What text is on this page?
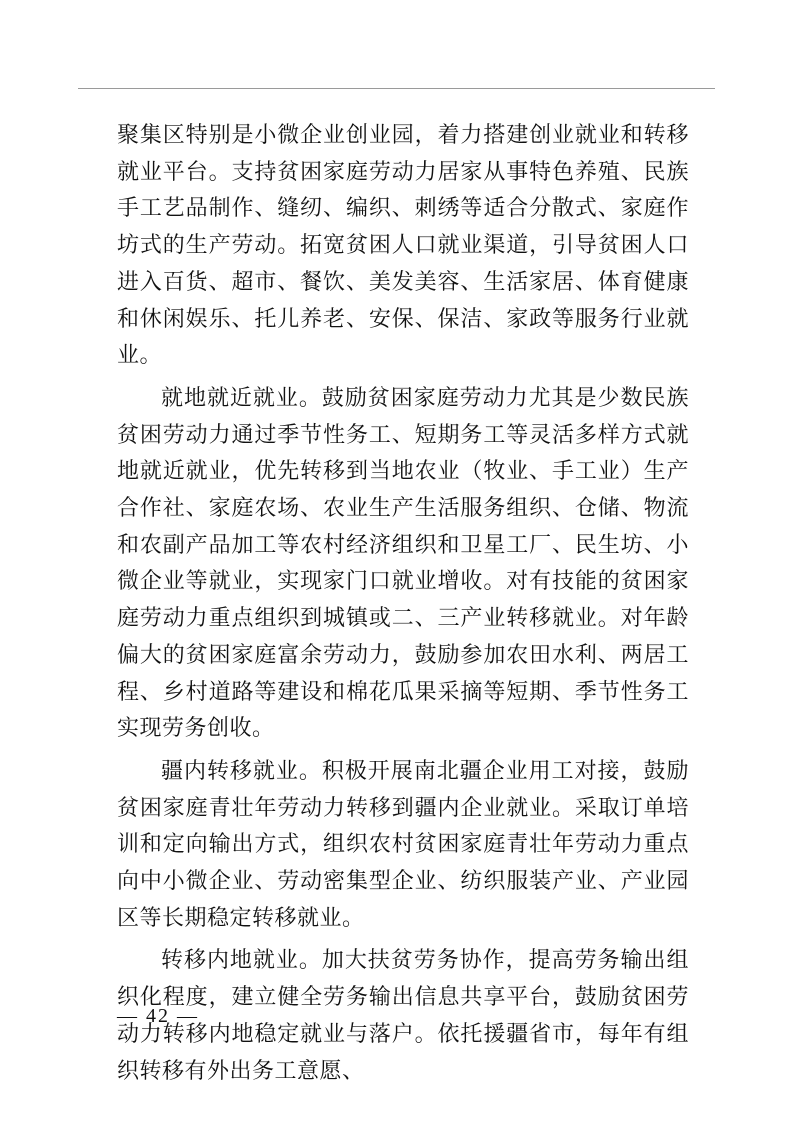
聚集区特别是小微企业创业园，着力搭建创业就业和转移就业平台。支持贫困家庭劳动力居家从事特色养殖、民族手工艺品制作、缝纫、编织、刺绣等适合分散式、家庭作坊式的生产劳动。拓宽贫困人口就业渠道，引导贫困人口进入百货、超市、餐饮、美发美容、生活家居、体育健康和休闲娱乐、托儿养老、安保、保洁、家政等服务行业就业。

就地就近就业。鼓励贫困家庭劳动力尤其是少数民族贫困劳动力通过季节性务工、短期务工等灵活多样方式就地就近就业，优先转移到当地农业（牧业、手工业）生产合作社、家庭农场、农业生产生活服务组织、仓储、物流和农副产品加工等农村经济组织和卫星工厂、民生坊、小微企业等就业，实现家门口就业增收。对有技能的贫困家庭劳动力重点组织到城镇或二、三产业转移就业。对年龄偏大的贫困家庭富余劳动力，鼓励参加农田水利、两居工程、乡村道路等建设和棉花瓜果采摘等短期、季节性务工实现劳务创收。

疆内转移就业。积极开展南北疆企业用工对接，鼓励贫困家庭青壮年劳动力转移到疆内企业就业。采取订单培训和定向输出方式，组织农村贫困家庭青壮年劳动力重点向中小微企业、劳动密集型企业、纺织服装产业、产业园区等长期稳定转移就业。

转移内地就业。加大扶贫劳务协作，提高劳务输出组织化程度，建立健全劳务输出信息共享平台，鼓励贫困劳动力转移内地稳定就业与落户。依托援疆省市，每年有组织转移有外出务工意愿、

— 42 —
